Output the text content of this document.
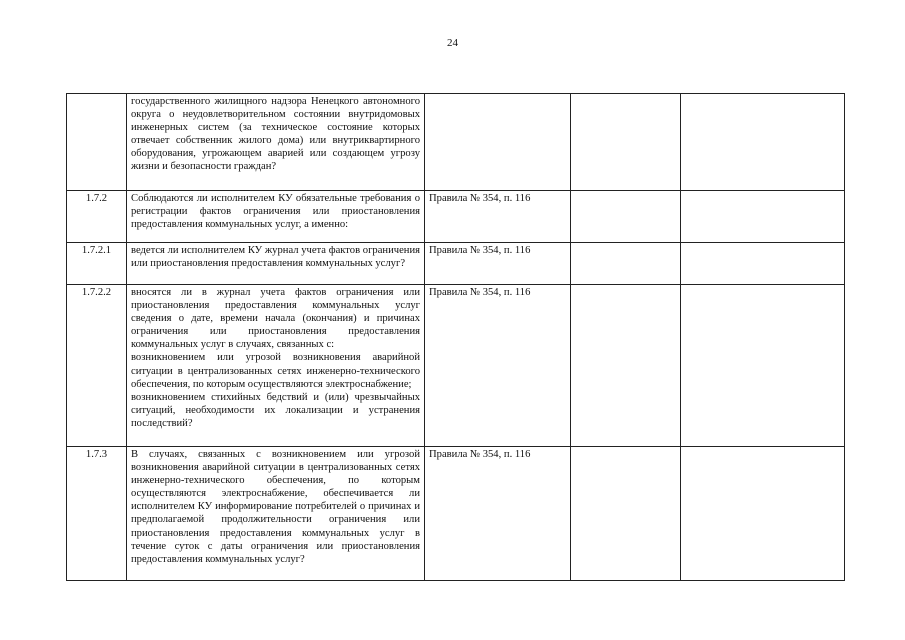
24
	государственного жилищного надзора Ненецкого автономного округа о неудовлетворительном состоянии внутридомовых инженерных систем (за техническое состояние которых отвечает собственник жилого дома) или внутриквартирного оборудования, угрожающем аварией или создающем угрозу жизни и безопасности граждан?			
1.7.2	Соблюдаются ли исполнителем КУ обязательные требования о регистрации фактов ограничения или приостановления предоставления коммунальных услуг, а именно:	Правила № 354, п. 116		
1.7.2.1	ведется ли исполнителем КУ журнал учета фактов ограничения или приостановления предоставления коммунальных услуг?	Правила № 354, п. 116		
1.7.2.2	вносятся ли в журнал учета фактов ограничения или приостановления предоставления коммунальных услуг сведения о дате, времени начала (окончания) и причинах ограничения или приостановления предоставления коммунальных услуг в случаях, связанных с:
возникновением или угрозой возникновения аварийной ситуации в централизованных сетях инженерно-технического обеспечения, по которым осуществляются электроснабжение;
возникновением стихийных бедствий и (или) чрезвычайных ситуаций, необходимости их локализации и устранения последствий?	Правила № 354, п. 116		
1.7.3	В случаях, связанных с возникновением или угрозой возникновения аварийной ситуации в централизованных сетях инженерно-технического обеспечения, по которым осуществляются электроснабжение, обеспечивается ли исполнителем КУ информирование потребителей о причинах и предполагаемой продолжительности ограничения или приостановления предоставления коммунальных услуг в течение суток с даты ограничения или приостановления предоставления коммунальных услуг?	Правила № 354, п. 116		
